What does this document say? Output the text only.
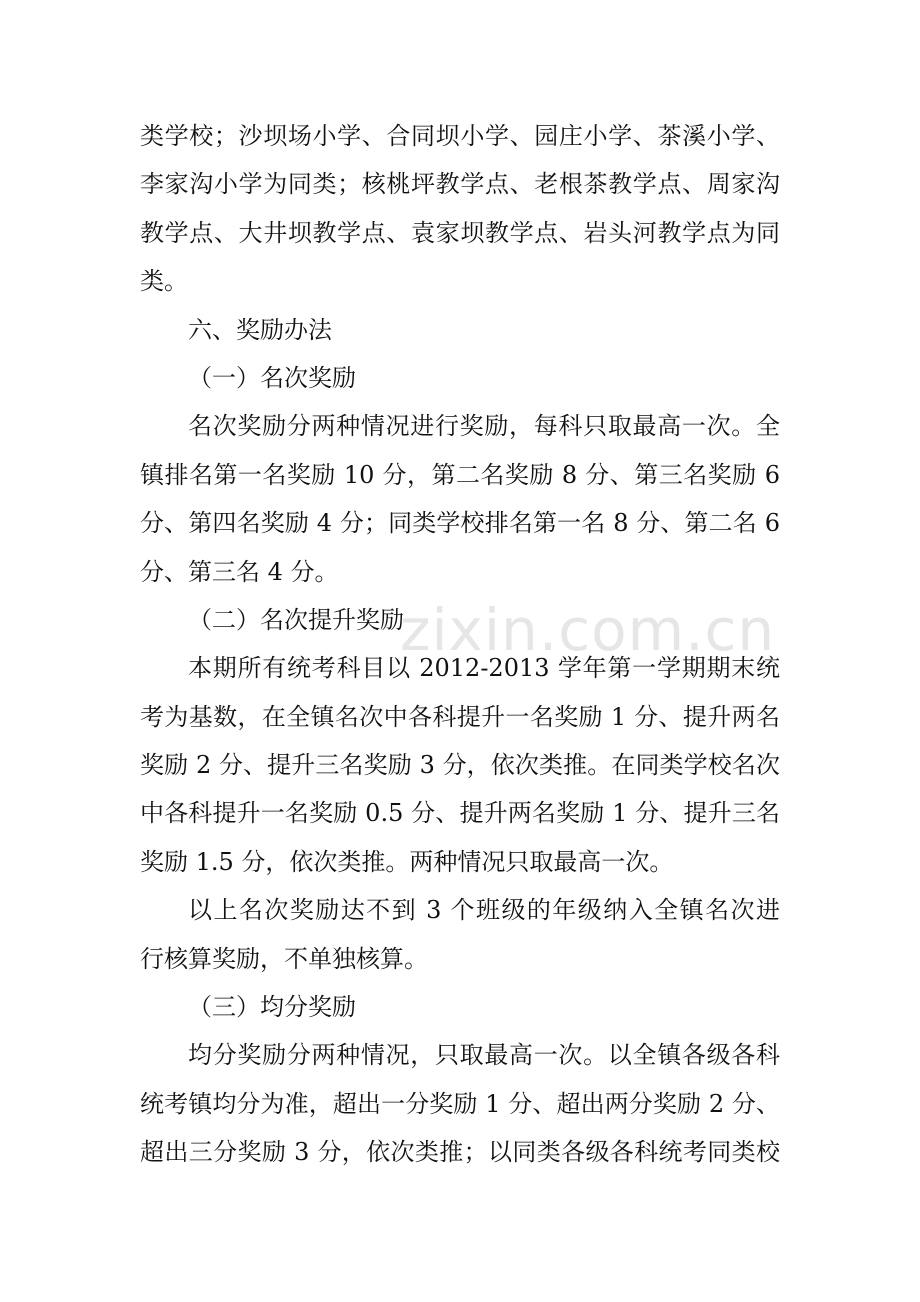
zixin.com.cn
类学校；沙坝场小学、合同坝小学、园庄小学、茶溪小学、
李家沟小学为同类；核桃坪教学点、老根茶教学点、周家沟
教学点、大井坝教学点、袁家坝教学点、岩头河教学点为同
类。
六、奖励办法
（一）名次奖励
名次奖励分两种情况进行奖励，每科只取最高一次。全
镇排名第一名奖励 10 分，第二名奖励 8 分、第三名奖励 6
分、第四名奖励 4 分；同类学校排名第一名 8 分、第二名 6
分、第三名 4 分。
（二）名次提升奖励
本期所有统考科目以 2012-2013 学年第一学期期末统
考为基数，在全镇名次中各科提升一名奖励 1 分、提升两名
奖励 2 分、提升三名奖励 3 分，依次类推。在同类学校名次
中各科提升一名奖励 0.5 分、提升两名奖励 1 分、提升三名
奖励 1.5 分，依次类推。两种情况只取最高一次。
以上名次奖励达不到 3 个班级的年级纳入全镇名次进
行核算奖励，不单独核算。
（三）均分奖励
均分奖励分两种情况，只取最高一次。以全镇各级各科
统考镇均分为准，超出一分奖励 1 分、超出两分奖励 2 分、
超出三分奖励 3 分，依次类推；以同类各级各科统考同类校
